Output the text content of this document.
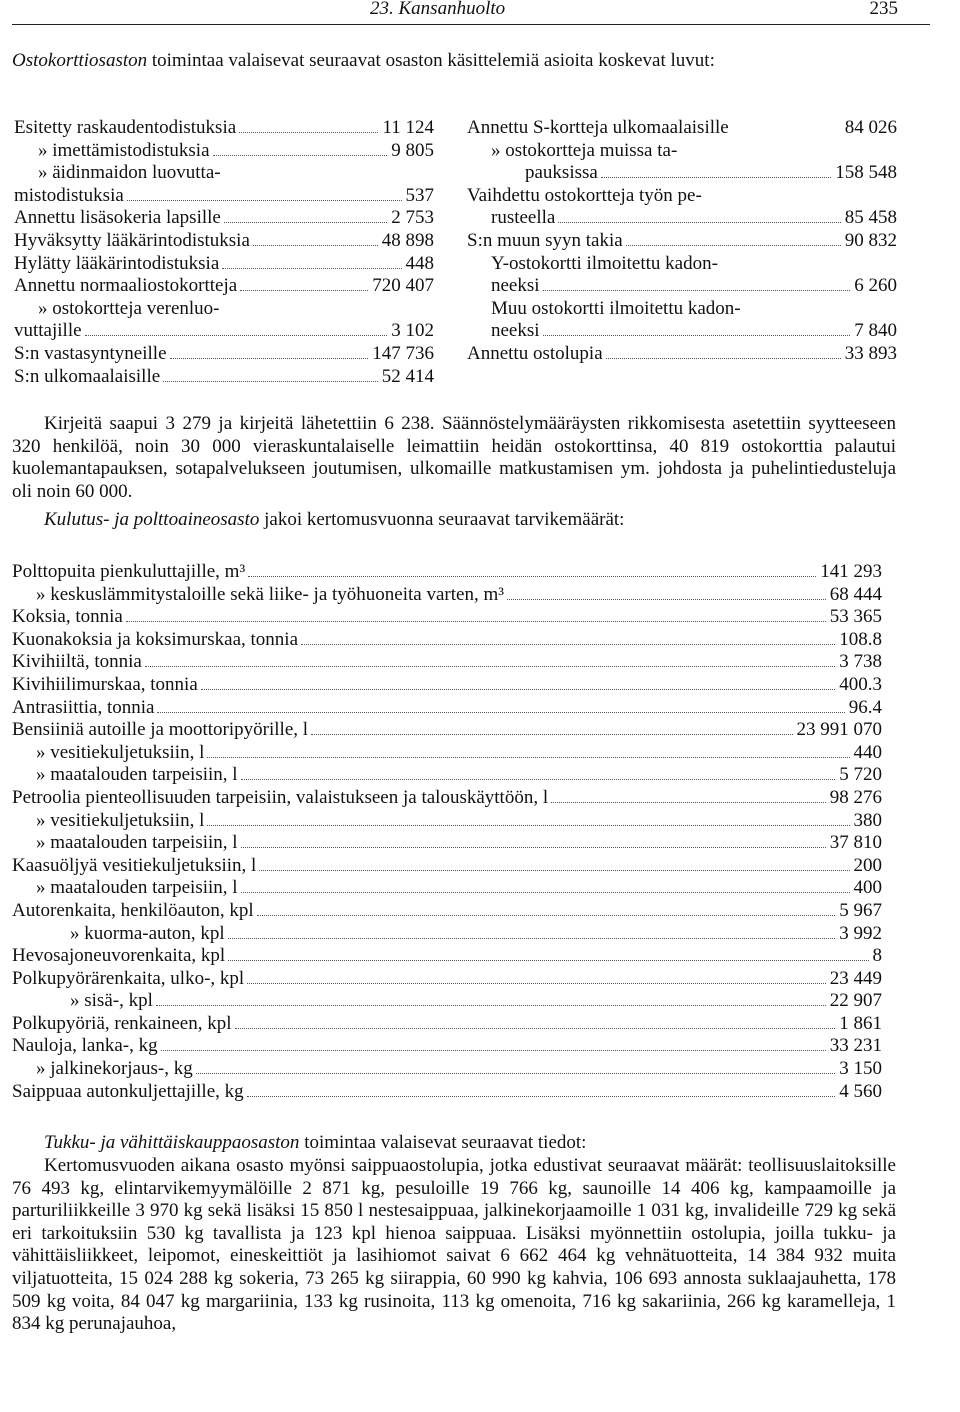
23. Kansanhuolto	235
Ostokorttiosaston toimintaa valaisevat seuraavat osaston käsittelemiä asioita koskevat luvut:
Esitetty raskaudentodistuksia	11 124
» imettämistodistuksia	9 805
» äidinmaidon luovutta-
mistodistuksia	537
Annettu lisäsokeria lapsille	2 753
Hyväksytty lääkärintodistuksia	48 898
Hylätty lääkärintodistuksia	448
Annettu normaaliostokortteja	720 407
» ostokortteja verenluo-
vuttajille	3 102
S:n vastasyntyneille	147 736
S:n ulkomaalaisille	52 414
Annettu S-kortteja ulkomaalaisille	84 026
» ostokortteja muissa ta-
pauksissa	158 548
Vaihdettu ostokortteja työn pe-
rusteella	85 458
S:n muun syyn takia	90 832
Y-ostokortti ilmoitettu kadon-
neeksi	6 260
Muu ostokortti ilmoitettu kadon-
neeksi	7 840
Annettu ostolupia	33 893
Kirjeitä saapui 3 279 ja kirjeitä lähetettiin 6 238. Säännöstelymääräysten rikkomisesta asetettiin syytteeseen 320 henkilöä, noin 30 000 vieraskuntalaiselle leimattiin heidän ostokorttinsa, 40 819 ostokorttia palautui kuolemantapauksen, sotapalvelukseen joutumisen, ulkomaille matkustamisen ym. johdosta ja puhelintiedusteluja oli noin 60 000.
Kulutus- ja polttoaineosasto jakoi kertomusvuonna seuraavat tarvikemäärät:
Polttopuita pienkuluttajille, m³	141 293
» keskuslämmitystaloille sekä liike- ja työhuoneita varten, m³	68 444
Koksia, tonnia	53 365
Kuonakoksia ja koksimurskaa, tonnia	108.8
Kivihiiltä, tonnia	3 738
Kivihiilimurskaa, tonnia	400.3
Antrasiittia, tonnia	96.4
Bensiiniä autoille ja moottoripyörille, l	23 991 070
» vesitiekuljetuksiin, l	440
» maatalouden tarpeisiin, l	5 720
Petroolia pienteollisuuden tarpeisiin, valaistukseen ja talouskäyttöön, l	98 276
» vesitiekuljetuksiin, l	380
» maatalouden tarpeisiin, l	37 810
Kaasuöljyä vesitiekuljetuksiin, l	200
» maatalouden tarpeisiin, l	400
Autorenkaita, henkilöauton, kpl	5 967
» kuorma-auton, kpl	3 992
Hevosajoneuvorenkaita, kpl	8
Polkupyörärenkaita, ulko-, kpl	23 449
» sisä-, kpl	22 907
Polkupyöriä, renkaineen, kpl	1 861
Nauloja, lanka-, kg	33 231
» jalkinekorjaus-, kg	3 150
Saippuaa autonkuljettajille, kg	4 560
Tukku- ja vähittäiskauppaosaston toimintaa valaisevat seuraavat tiedot:
Kertomusvuoden aikana osasto myönsi saippuaostolupia, jotka edustivat seuraavat määrät: teollisuuslaitoksille 76 493 kg, elintarvikemyymälöille 2 871 kg, pesuloille 19 766 kg, saunoille 14 406 kg, kampaamoille ja parturiliikkeille 3 970 kg sekä lisäksi 15 850 l nestesaippuaa, jalkinekorjaamoille 1 031 kg, invalideille 729 kg sekä eri tarkoituksiin 530 kg tavallista ja 123 kpl hienoa saippuaa. Lisäksi myönnettiin ostolupia, joilla tukku- ja vähittäisliikkeet, leipomot, eineskeittiöt ja lasihiomot saivat 6 662 464 kg vehnätuotteita, 14 384 932 muita viljatuotteita, 15 024 288 kg sokeria, 73 265 kg siirappia, 60 990 kg kahvia, 106 693 annosta suklaajauhetta, 178 509 kg voita, 84 047 kg margariinia, 133 kg rusinoita, 113 kg omenoita, 716 kg sakariinia, 266 kg karamelleja, 1 834 kg perunajauhoa,
